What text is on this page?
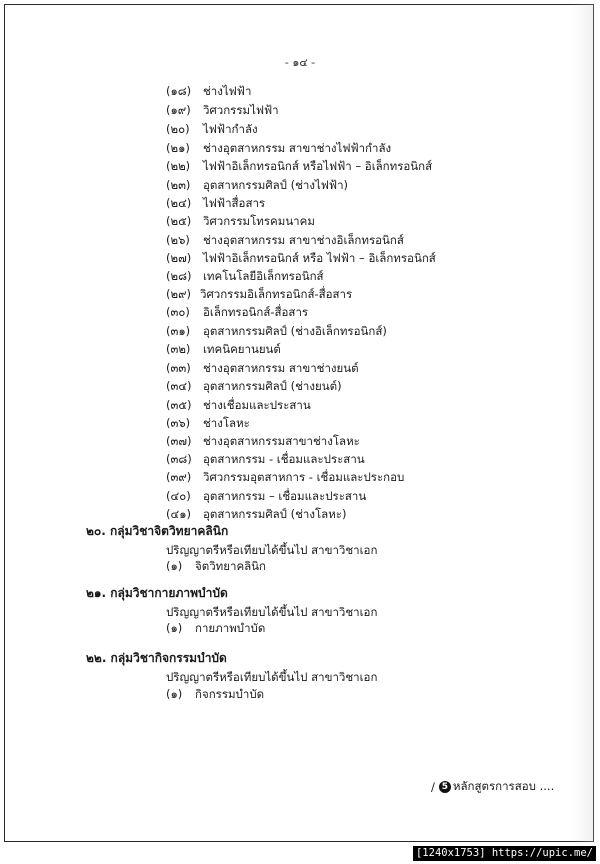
- ๑๔ -
(๑๘) ช่างไฟฟ้า
(๑๙) วิศวกรรมไฟฟ้า
(๒๐) ไฟฟ้ากำลัง
(๒๑) ช่างอุตสาหกรรม สาขาช่างไฟฟ้ากำลัง
(๒๒) ไฟฟ้าอิเล็กทรอนิกส์ หรือไฟฟ้า – อิเล็กทรอนิกส์
(๒๓) อุตสาหกรรมศิลป์ (ช่างไฟฟ้า)
(๒๔) ไฟฟ้าสื่อสาร
(๒๕) วิศวกรรมโทรคมนาคม
(๒๖) ช่างอุตสาหกรรม สาขาช่างอิเล็กทรอนิกส์
(๒๗) ไฟฟ้าอิเล็กทรอนิกส์ หรือ ไฟฟ้า – อิเล็กทรอนิกส์
(๒๘) เทคโนโลยีอิเล็กทรอนิกส์
(๒๙) วิศวกรรมอิเล็กทรอนิกส์-สื่อสาร
(๓๐) อิเล็กทรอนิกส์-สื่อสาร
(๓๑) อุตสาหกรรมศิลป์ (ช่างอิเล็กทรอนิกส์)
(๓๒) เทคนิคยานยนต์
(๓๓) ช่างอุตสาหกรรม สาขาช่างยนต์
(๓๔) อุตสาหกรรมศิลป์ (ช่างยนต์)
(๓๕) ช่างเชื่อมและประสาน
(๓๖) ช่างโลหะ
(๓๗) ช่างอุตสาหกรรมสาขาช่างโลหะ
(๓๘) อุตสาหกรรม - เชื่อมและประสาน
(๓๙) วิศวกรรมอุตสาหการ - เชื่อมและประกอบ
(๔๐) อุตสาหกรรม – เชื่อมและประสาน
(๔๑) อุตสาหกรรมศิลป์ (ช่างโลหะ)
๒๐. กลุ่มวิชาจิตวิทยาคลินิก
ปริญญาตรีหรือเทียบได้ขึ้นไป สาขาวิชาเอก
(๑) จิตวิทยาคลินิก
๒๑. กลุ่มวิชากายภาพบำบัด
ปริญญาตรีหรือเทียบได้ขึ้นไป สาขาวิชาเอก
(๑) กายภาพบำบัด
๒๒. กลุ่มวิชากิจกรรมบำบัด
ปริญญาตรีหรือเทียบได้ขึ้นไป สาขาวิชาเอก
(๑) กิจกรรมบำบัด
/ 5 หลักสูตรการสอบ ....
[1240x1753] https://upic.me/
